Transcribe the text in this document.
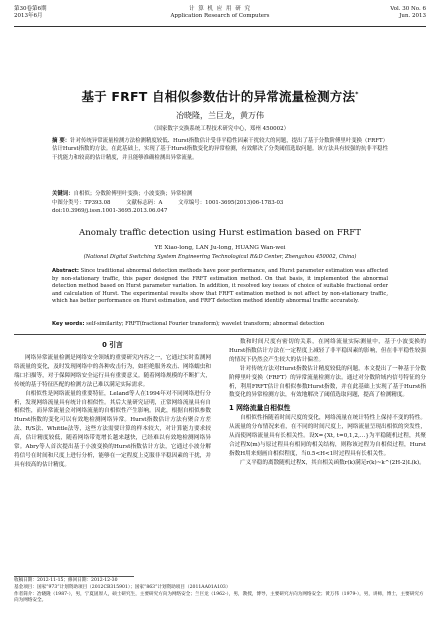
第30卷第6期
2013年6月
计 算 机 应 用 研 究
Application Research of Computers
Vol. 30 No. 6
Jun. 2013
基于 FRFT 自相似参数估计的异常流量检测方法*
冶晓隆，兰巨龙，黄万伟
（国家数字交换系统工程技术研究中心，郑州 450002）
摘 要：针对传统异常流量检测方法检测精度较低、Hurst指数估计受非平稳性因素干扰较大的问题，提出了基于分数阶傅里叶变换（FRFT）估计Hurst指数的方法。在此基础上，实现了基于Hurst指数变化的异常检测，有效解决了分类阈值选取问题。该方法具有较强的抗非平稳性干扰能力和较高的估计精度，并且能够准确检测出异常流量。
关键词：自相似；分数阶傅里叶变换；小波变换；异常检测
中图分类号：TP393.08	文献标志码：A	文章编号：1001-3695(2013)06-1783-03
doi:10.3969/j.issn.1001-3695.2013.06.047
Anomaly traffic detection using Hurst estimation based on FRFT
YE Xiao-long, LAN Ju-long, HUANG Wan-wei
(National Digital Switching System Engineering Technological R&D Center, Zhengzhou 450002, China)
Abstract: Since traditional abnormal detection methods have poor performance, and Hurst parameter estimation was affected by non-stationary traffic, this paper designed the FRFT estimation method. On that basis, it implemented the abnormal detection method based on Hurst parameter variation. In addition, it resolved key issues of choice of suitable fractional order and calculation of Hurst. The experimental results show that FRFT estimation method is not affect by non-stationary traffic, which has better performance on Hurst estimation, and FRFT detection method identify abnormal traffic accurately.
Key words: self-similarity; FRFT(fractional Fourier transform); wavelet transform; abnormal detection
0 引言

网络异常流量检测是网络安全领域的重要研究内容之一，它通过实时监测网络流量的变化，及时发现网络中的各种攻击行为，如拒绝服务攻击、网络蠕虫和端口扫描等，对于保障网络安全运行具有重要意义。随着网络规模的不断扩大，传统的基于特征匹配的检测方法已难以满足实际需求。

自相似性是网络流量的重要特征，Leland等人在1994年对不同网络进行分析，发现网络流量具有统计自相似性。其后大量研究证明，正常网络流量具有自相似性，而异常流量会对网络流量的自相似性产生影响。因此，根据自相似参数Hurst指数的变化可以有效地检测网络异常。Hurst指数估计方法有聚合方差法、R/S法、Whittle法等，这些方法需要计算的样本较大，对计算能力要求较高，估计精度较低，随着网络带宽增长越来越快，已经难以有效地检测网络异常。Abry等人首次提出基于小波变换的Hurst指数估计方法，它通过小波分解将信号在时间和尺度上进行分析，能够在一定程度上克服非平稳因素的干扰，并具有较高的估计精度。

数和时间尺度有密切的关系，在网络流量实际测量中，基于小波变换的Hurst指数估计方法在一定程度上减轻了非平稳因素的影响，但在非平稳性较强的情况下仍然会产生较大的估计偏差。

针对传统方法对Hurst指数估计精度较低的问题，本文提出了一种基于分数阶傅里叶变换（FRFT）的异常流量检测方法。通过对分数阶域内信号特征的分析，利用FRFT估计自相似参数Hurst指数，并在此基础上实现了基于Hurst指数变化的异常检测方法，有效地解决了阈值选取问题，提高了检测精度。

1 网络流量自相似性

自相似性指随着时间尺度的变化，网络流量在统计特性上保持不变的特性。从流量的分布情况来看，在不同的时间尺度上，网络流量呈现出相似的突发性，从而使网络流量具有长相关性。设X={Xt, t=0,1,2,…}为平稳随机过程，其聚合过程X(m)与原过程具有相同的相关结构，则称该过程为自相似过程，Hurst指数H用来刻画自相似程度，当0.5<H<1时过程具有长相关性。

广义平稳的离散随机过程X，其自相关函数r(k)满足r(k)~k^(2H-2)L(k)。

收稿日期：2012-11-15；修回日期：2012-12-30
基金项目：国家“973”计划资助项目（2012CB315901）；国家“863”计划资助项目（2011AA01A103）
作者简介：冶晓隆（1987-），男，宁夏固原人，硕士研究生，主要研究方向为网络安全；兰巨龙（1962-），男，教授，博导，主要研究方向为网络安全；黄万伟（1979-），男，讲师，博士，主要研究方向为网络安全。
